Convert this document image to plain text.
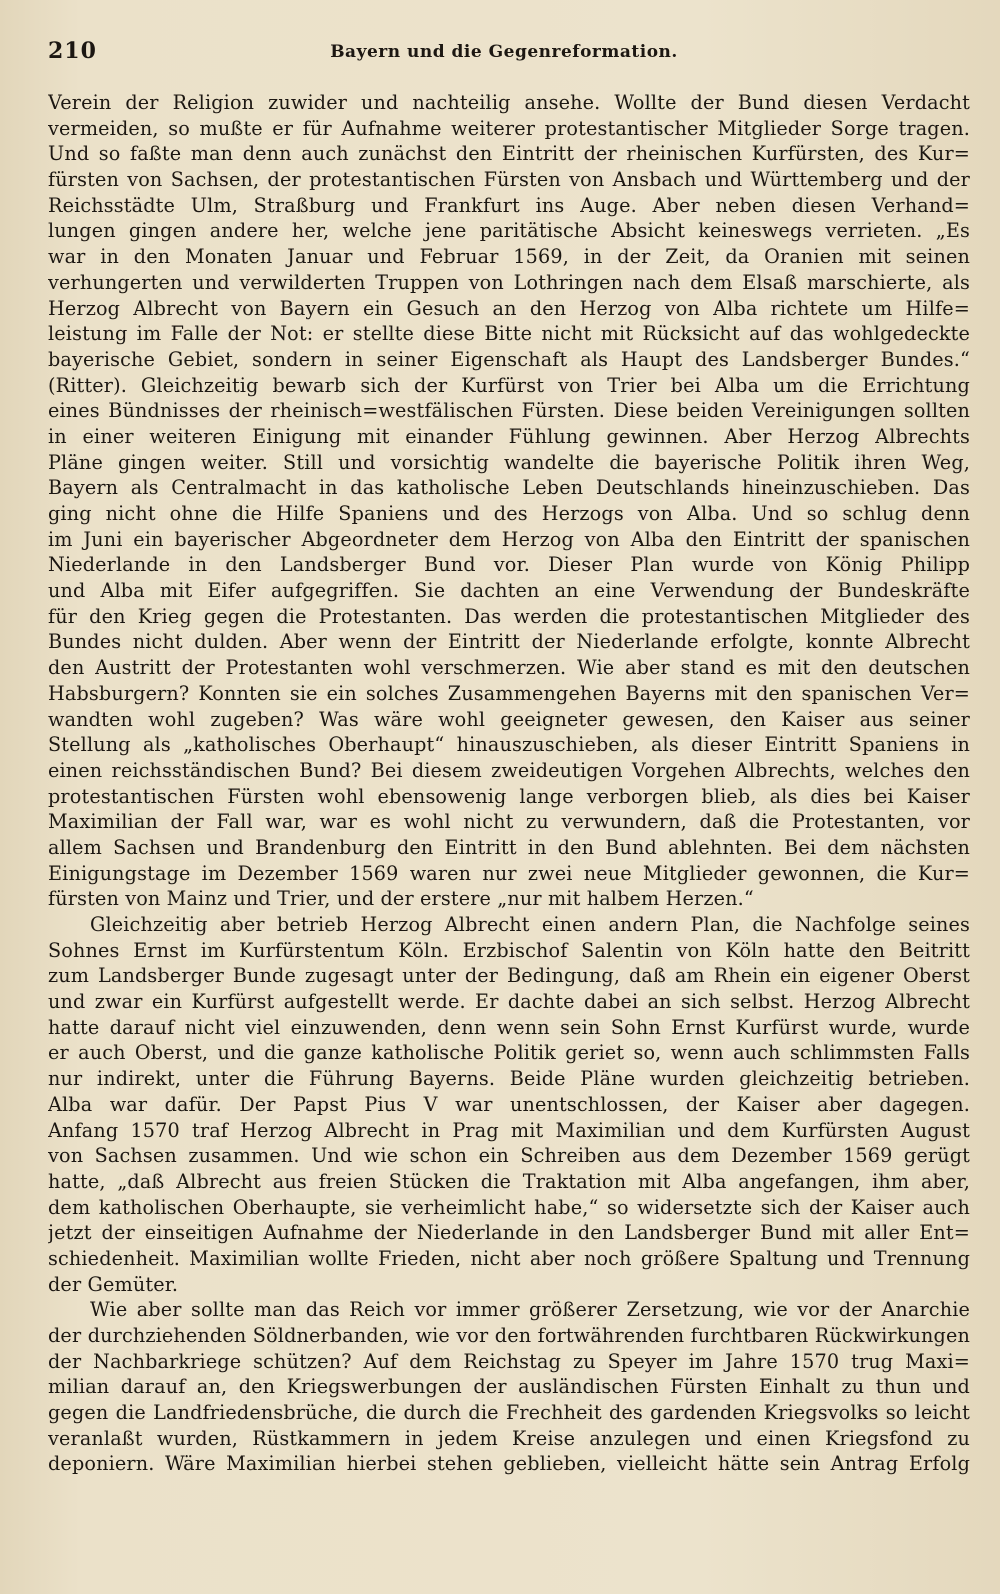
210	Bayern und die Gegenreformation.
Verein der Religion zuwider und nachteilig ansehe. Wollte der Bund diesen Verdacht
vermeiden, so mußte er für Aufnahme weiterer protestantischer Mitglieder Sorge tragen.
Und so faßte man denn auch zunächst den Eintritt der rheinischen Kurfürsten, des Kur=
fürsten von Sachsen, der protestantischen Fürsten von Ansbach und Württemberg und der
Reichsstädte Ulm, Straßburg und Frankfurt ins Auge. Aber neben diesen Verhand=
lungen gingen andere her, welche jene paritätische Absicht keineswegs verrieten. „Es
war in den Monaten Januar und Februar 1569, in der Zeit, da Oranien mit seinen
verhungerten und verwilderten Truppen von Lothringen nach dem Elsaß marschierte, als
Herzog Albrecht von Bayern ein Gesuch an den Herzog von Alba richtete um Hilfe=
leistung im Falle der Not: er stellte diese Bitte nicht mit Rücksicht auf das wohlgedeckte
bayerische Gebiet, sondern in seiner Eigenschaft als Haupt des Landsberger Bundes.“
(Ritter). Gleichzeitig bewarb sich der Kurfürst von Trier bei Alba um die Errichtung
eines Bündnisses der rheinisch=westfälischen Fürsten. Diese beiden Vereinigungen sollten
in einer weiteren Einigung mit einander Fühlung gewinnen. Aber Herzog Albrechts
Pläne gingen weiter. Still und vorsichtig wandelte die bayerische Politik ihren Weg,
Bayern als Centralmacht in das katholische Leben Deutschlands hineinzuschieben. Das
ging nicht ohne die Hilfe Spaniens und des Herzogs von Alba. Und so schlug denn
im Juni ein bayerischer Abgeordneter dem Herzog von Alba den Eintritt der spanischen
Niederlande in den Landsberger Bund vor. Dieser Plan wurde von König Philipp
und Alba mit Eifer aufgegriffen. Sie dachten an eine Verwendung der Bundeskräfte
für den Krieg gegen die Protestanten. Das werden die protestantischen Mitglieder des
Bundes nicht dulden. Aber wenn der Eintritt der Niederlande erfolgte, konnte Albrecht
den Austritt der Protestanten wohl verschmerzen. Wie aber stand es mit den deutschen
Habsburgern? Konnten sie ein solches Zusammengehen Bayerns mit den spanischen Ver=
wandten wohl zugeben? Was wäre wohl geeigneter gewesen, den Kaiser aus seiner
Stellung als „katholisches Oberhaupt“ hinauszuschieben, als dieser Eintritt Spaniens in
einen reichsständischen Bund? Bei diesem zweideutigen Vorgehen Albrechts, welches den
protestantischen Fürsten wohl ebensowenig lange verborgen blieb, als dies bei Kaiser
Maximilian der Fall war, war es wohl nicht zu verwundern, daß die Protestanten, vor
allem Sachsen und Brandenburg den Eintritt in den Bund ablehnten. Bei dem nächsten
Einigungstage im Dezember 1569 waren nur zwei neue Mitglieder gewonnen, die Kur=
fürsten von Mainz und Trier, und der erstere „nur mit halbem Herzen.“
Gleichzeitig aber betrieb Herzog Albrecht einen andern Plan, die Nachfolge seines
Sohnes Ernst im Kurfürstentum Köln. Erzbischof Salentin von Köln hatte den Beitritt
zum Landsberger Bunde zugesagt unter der Bedingung, daß am Rhein ein eigener Oberst
und zwar ein Kurfürst aufgestellt werde. Er dachte dabei an sich selbst. Herzog Albrecht
hatte darauf nicht viel einzuwenden, denn wenn sein Sohn Ernst Kurfürst wurde, wurde
er auch Oberst, und die ganze katholische Politik geriet so, wenn auch schlimmsten Falls
nur indirekt, unter die Führung Bayerns. Beide Pläne wurden gleichzeitig betrieben.
Alba war dafür. Der Papst Pius V war unentschlossen, der Kaiser aber dagegen.
Anfang 1570 traf Herzog Albrecht in Prag mit Maximilian und dem Kurfürsten August
von Sachsen zusammen. Und wie schon ein Schreiben aus dem Dezember 1569 gerügt
hatte, „daß Albrecht aus freien Stücken die Traktation mit Alba angefangen, ihm aber,
dem katholischen Oberhaupte, sie verheimlicht habe,“ so widersetzte sich der Kaiser auch
jetzt der einseitigen Aufnahme der Niederlande in den Landsberger Bund mit aller Ent=
schiedenheit. Maximilian wollte Frieden, nicht aber noch größere Spaltung und Trennung
der Gemüter.
Wie aber sollte man das Reich vor immer größerer Zersetzung, wie vor der Anarchie
der durchziehenden Söldnerbanden, wie vor den fortwährenden furchtbaren Rückwirkungen
der Nachbarkriege schützen? Auf dem Reichstag zu Speyer im Jahre 1570 trug Maxi=
milian darauf an, den Kriegswerbungen der ausländischen Fürsten Einhalt zu thun und
gegen die Landfriedensbrüche, die durch die Frechheit des gardenden Kriegsvolks so leicht
veranlaßt wurden, Rüstkammern in jedem Kreise anzulegen und einen Kriegsfond zu
deponiern. Wäre Maximilian hierbei stehen geblieben, vielleicht hätte sein Antrag Erfolg
